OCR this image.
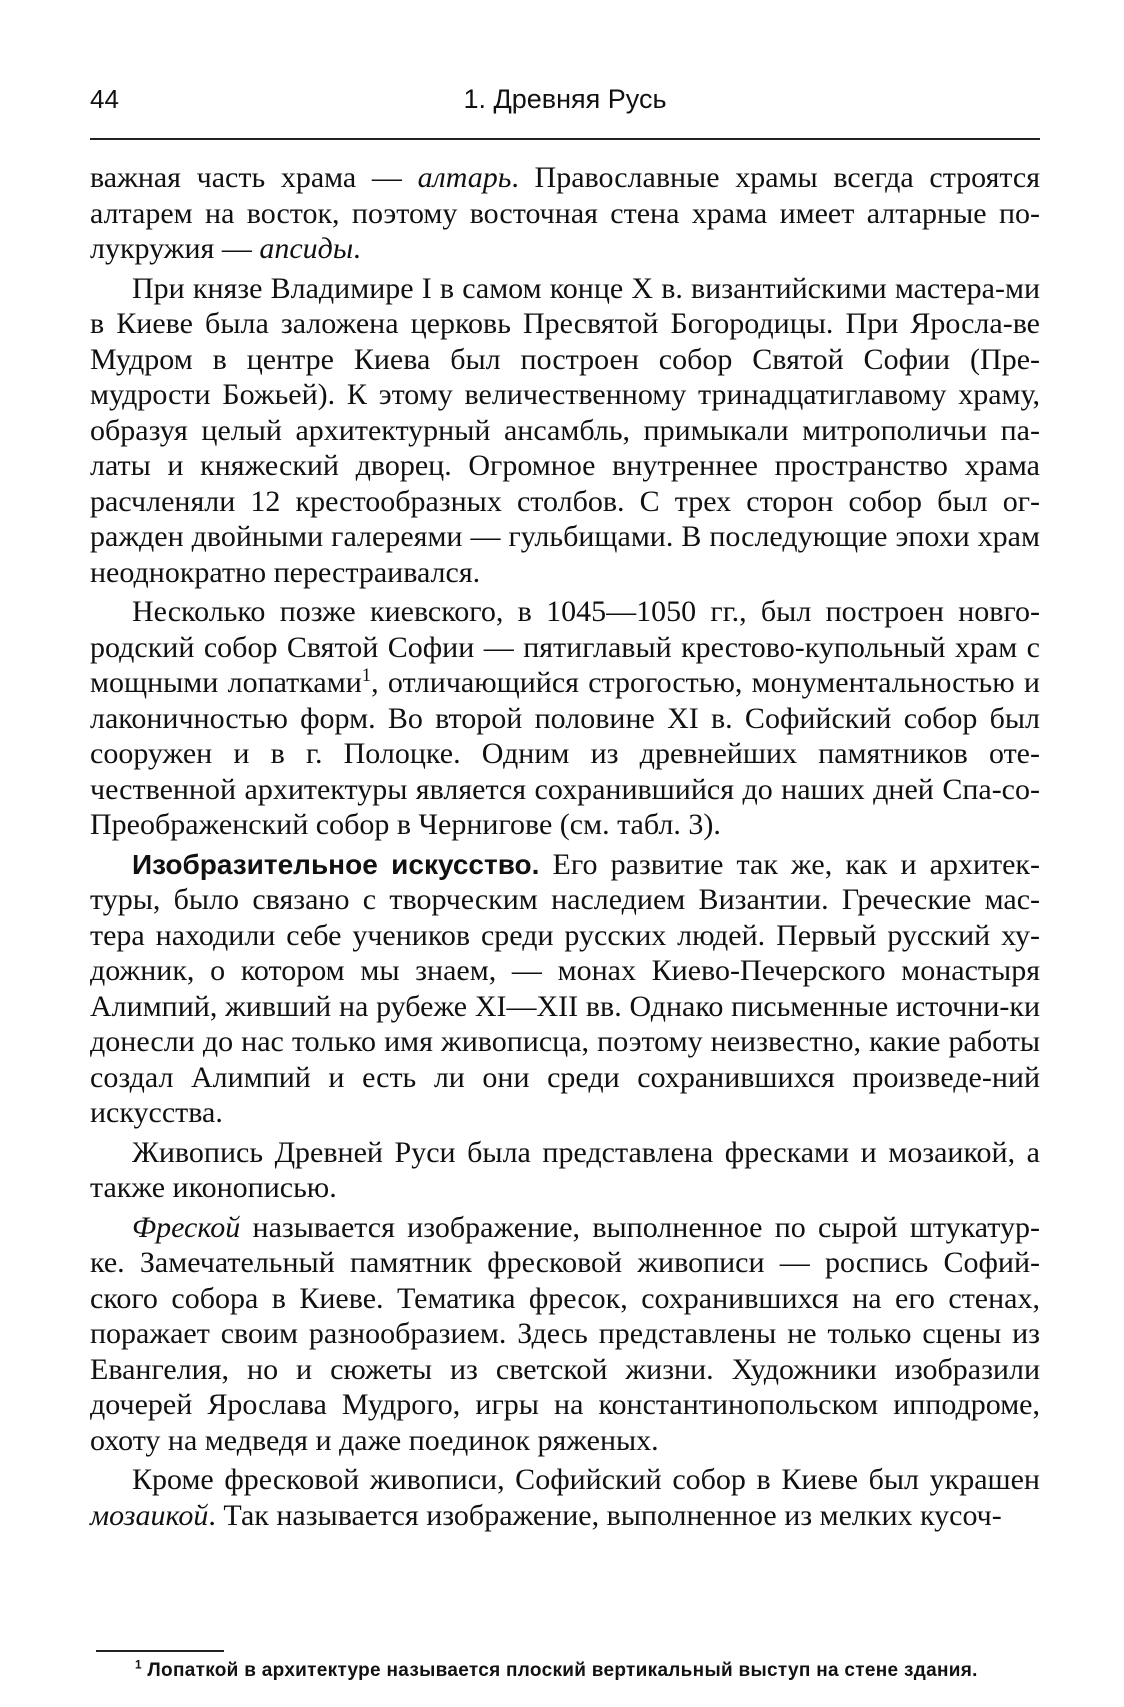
44	1. Древняя Русь

важная часть храма — алтарь. Православные храмы всегда строятся алтарем на восток, поэтому восточная стена храма имеет алтарные по-лукружия — апсиды.

При князе Владимире I в самом конце X в. византийскими мастера-ми в Киеве была заложена церковь Пресвятой Богородицы. При Яросла-ве Мудром в центре Киева был построен собор Святой Софии (Пре-мудрости Божьей). К этому величественному тринадцатиглавому храму, образуя целый архитектурный ансамбль, примыкали митрополичьи па-латы и княжеский дворец. Огромное внутреннее пространство храма расчленяли 12 крестообразных столбов. С трех сторон собор был ог-ражден двойными галереями — гульбищами. В последующие эпохи храм неоднократно перестраивался.

Несколько позже киевского, в 1045—1050 гг., был построен новго-родский собор Святой Софии — пятиглавый крестово-купольный храм с мощными лопатками$^1$, отличающийся строгостью, монументальностью и лаконичностью форм. Во второй половине XI в. Софийский собор был сооружен и в г. Полоцке. Одним из древнейших памятников оте-чественной архитектуры является сохранившийся до наших дней Спа-со-Преображенский собор в Чернигове (см. табл. 3).

Изобразительное искусство. Его развитие так же, как и архитек-туры, было связано с творческим наследием Византии. Греческие мас-тера находили себе учеников среди русских людей. Первый русский ху-дожник, о котором мы знаем, — монах Киево-Печерского монастыря Алимпий, живший на рубеже XI—XII вв. Однако письменные источни-ки донесли до нас только имя живописца, поэтому неизвестно, какие работы создал Алимпий и есть ли они среди сохранившихся произведе-ний искусства.

Живопись Древней Руси была представлена фресками и мозаикой, а также иконописью.

Фреской называется изображение, выполненное по сырой штукатур-ке. Замечательный памятник фресковой живописи — роспись Софий-ского собора в Киеве. Тематика фресок, сохранившихся на его стенах, поражает своим разнообразием. Здесь представлены не только сцены из Евангелия, но и сюжеты из светской жизни. Художники изобразили дочерей Ярослава Мудрого, игры на константинопольском ипподроме, охоту на медведя и даже поединок ряженых.

Кроме фресковой живописи, Софийский собор в Киеве был украшен мозаикой. Так называется изображение, выполненное из мелких кусоч-

$^1$ Лопаткой в архитектуре называется плоский вертикальный выступ на стене здания.
